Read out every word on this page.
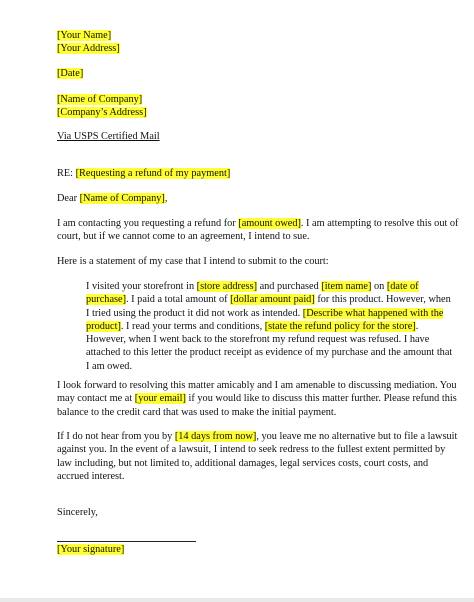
[Your Name]
[Your Address]
[Date]
[Name of Company]
[Company’s Address]
Via USPS Certified Mail
RE: [Requesting a refund of my payment]
Dear [Name of Company],
I am contacting you requesting a refund for [amount owed]. I am attempting to resolve this out of
court, but if we cannot come to an agreement, I intend to sue.
Here is a statement of my case that I intend to submit to the court:
I visited your storefront in [store address] and purchased [item name] on [date of
purchase]. I paid a total amount of [dollar amount paid] for this product. However, when
I tried using the product it did not work as intended. [Describe what happened with the
product]. I read your terms and conditions, [state the refund policy for the store].
However, when I went back to the storefront my refund request was refused. I have
attached to this letter the product receipt as evidence of my purchase and the amount that
I am owed.
I look forward to resolving this matter amicably and I am amenable to discussing mediation. You
may contact me at [your email] if you would like to discuss this matter further. Please refund this
balance to the credit card that was used to make the initial payment.
If I do not hear from you by [14 days from now], you leave me no alternative but to file a lawsuit
against you. In the event of a lawsuit, I intend to seek redress to the fullest extent permitted by
law including, but not limited to, additional damages, legal services costs, court costs, and
accrued interest.
Sincerely,
[Your signature]
